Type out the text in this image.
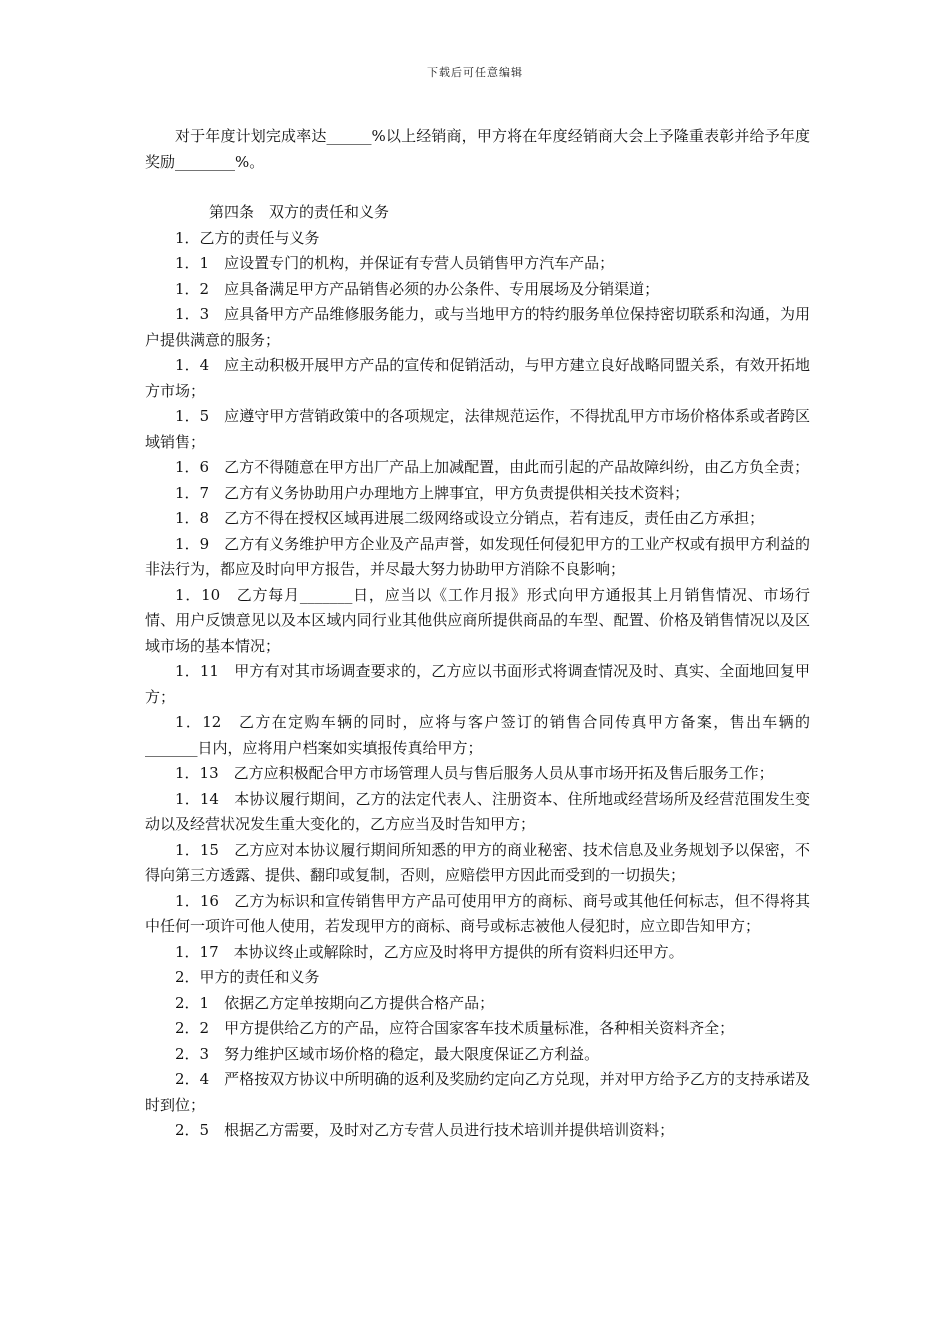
下载后可任意编辑

对于年度计划完成率达______%以上经销商，甲方将在年度经销商大会上予隆重表彰并给予年度奖励________%。

第四条　双方的责任和义务

1．乙方的责任与义务

1．1　应设置专门的机构，并保证有专营人员销售甲方汽车产品；

1．2　应具备满足甲方产品销售必须的办公条件、专用展场及分销渠道；

1．3　应具备甲方产品维修服务能力，或与当地甲方的特约服务单位保持密切联系和沟通，为用户提供满意的服务；

1．4　应主动积极开展甲方产品的宣传和促销活动，与甲方建立良好战略同盟关系，有效开拓地方市场；

1．5　应遵守甲方营销政策中的各项规定，法律规范运作，不得扰乱甲方市场价格体系或者跨区域销售；

1．6　乙方不得随意在甲方出厂产品上加减配置，由此而引起的产品故障纠纷，由乙方负全责；

1．7　乙方有义务协助用户办理地方上牌事宜，甲方负责提供相关技术资料；

1．8　乙方不得在授权区域再进展二级网络或设立分销点，若有违反，责任由乙方承担；

1．9　乙方有义务维护甲方企业及产品声誉，如发现任何侵犯甲方的工业产权或有损甲方利益的非法行为，都应及时向甲方报告，并尽最大努力协助甲方消除不良影响；

1．10　乙方每月_______日，应当以《工作月报》形式向甲方通报其上月销售情况、市场行情、用户反馈意见以及本区域内同行业其他供应商所提供商品的车型、配置、价格及销售情况以及区域市场的基本情况；

1．11　甲方有对其市场调查要求的，乙方应以书面形式将调查情况及时、真实、全面地回复甲方；

1．12　乙方在定购车辆的同时，应将与客户签订的销售合同传真甲方备案，售出车辆的_______日内，应将用户档案如实填报传真给甲方；

1．13　乙方应积极配合甲方市场管理人员与售后服务人员从事市场开拓及售后服务工作；

1．14　本协议履行期间，乙方的法定代表人、注册资本、住所地或经营场所及经营范围发生变动以及经营状况发生重大变化的，乙方应当及时告知甲方；

1．15　乙方应对本协议履行期间所知悉的甲方的商业秘密、技术信息及业务规划予以保密，不得向第三方透露、提供、翻印或复制，否则，应赔偿甲方因此而受到的一切损失；

1．16　乙方为标识和宣传销售甲方产品可使用甲方的商标、商号或其他任何标志，但不得将其中任何一项许可他人使用，若发现甲方的商标、商号或标志被他人侵犯时，应立即告知甲方；

1．17　本协议终止或解除时，乙方应及时将甲方提供的所有资料归还甲方。

2．甲方的责任和义务

2．1　依据乙方定单按期向乙方提供合格产品；

2．2　甲方提供给乙方的产品，应符合国家客车技术质量标准，各种相关资料齐全；

2．3　努力维护区域市场价格的稳定，最大限度保证乙方利益。

2．4　严格按双方协议中所明确的返利及奖励约定向乙方兑现，并对甲方给予乙方的支持承诺及时到位；

2．5　根据乙方需要，及时对乙方专营人员进行技术培训并提供培训资料；
